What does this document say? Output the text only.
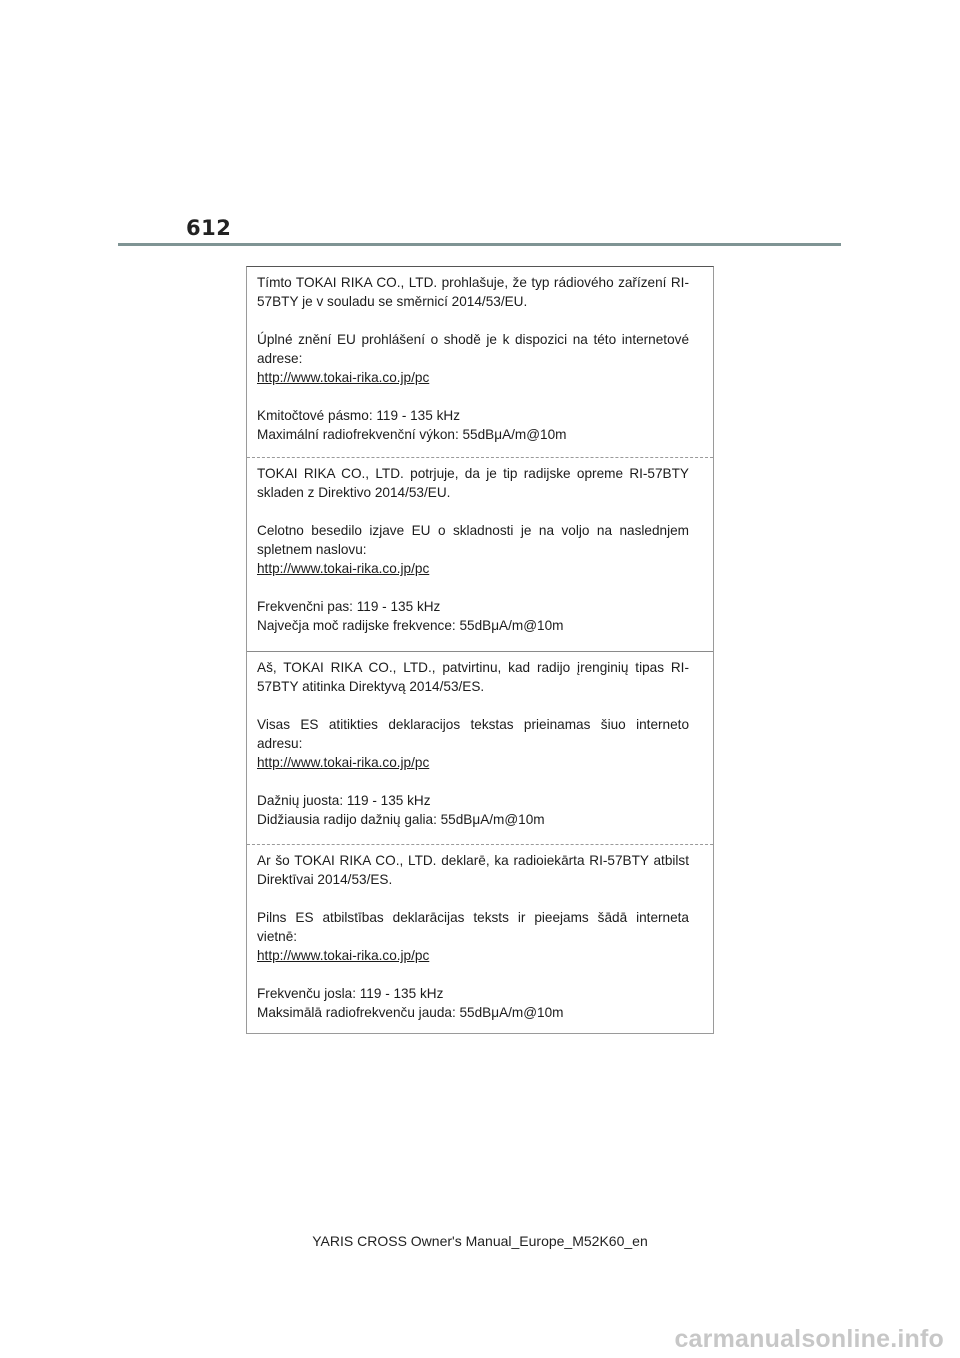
612

Tímto TOKAI RIKA CO., LTD. prohlašuje, že typ rádiového zařízení RI-57BTY je v souladu se směrnicí 2014/53/EU.

Úplné znění EU prohlášení o shodě je k dispozici na této internetové adrese:

http://www.tokai-rika.co.jp/pc

Kmitočtové pásmo: 119 - 135 kHz

Maximální radiofrekvenční výkon: 55dBμA/m@10m

TOKAI RIKA CO., LTD. potrjuje, da je tip radijske opreme RI-57BTY skladen z Direktivo 2014/53/EU.

Celotno besedilo izjave EU o skladnosti je na voljo na naslednjem spletnem naslovu:

http://www.tokai-rika.co.jp/pc

Frekvenčni pas: 119 - 135 kHz

Največja moč radijske frekvence: 55dBμA/m@10m

Aš, TOKAI RIKA CO., LTD., patvirtinu, kad radijo įrenginių tipas RI-57BTY atitinka Direktyvą 2014/53/ES.

Visas ES atitikties deklaracijos tekstas prieinamas šiuo interneto adresu:

http://www.tokai-rika.co.jp/pc

Dažnių juosta: 119 - 135 kHz

Didžiausia radijo dažnių galia: 55dBμA/m@10m

Ar šo TOKAI RIKA CO., LTD. deklarē, ka radioiekārta RI-57BTY atbilst Direktīvai 2014/53/ES.

Pilns ES atbilstības deklarācijas teksts ir pieejams šādā interneta vietnē:

http://www.tokai-rika.co.jp/pc

Frekvenču josla: 119 - 135 kHz

Maksimālā radiofrekvenču jauda: 55dBμA/m@10m

YARIS CROSS Owner's Manual_Europe_M52K60_en
carmanualsonline.info
